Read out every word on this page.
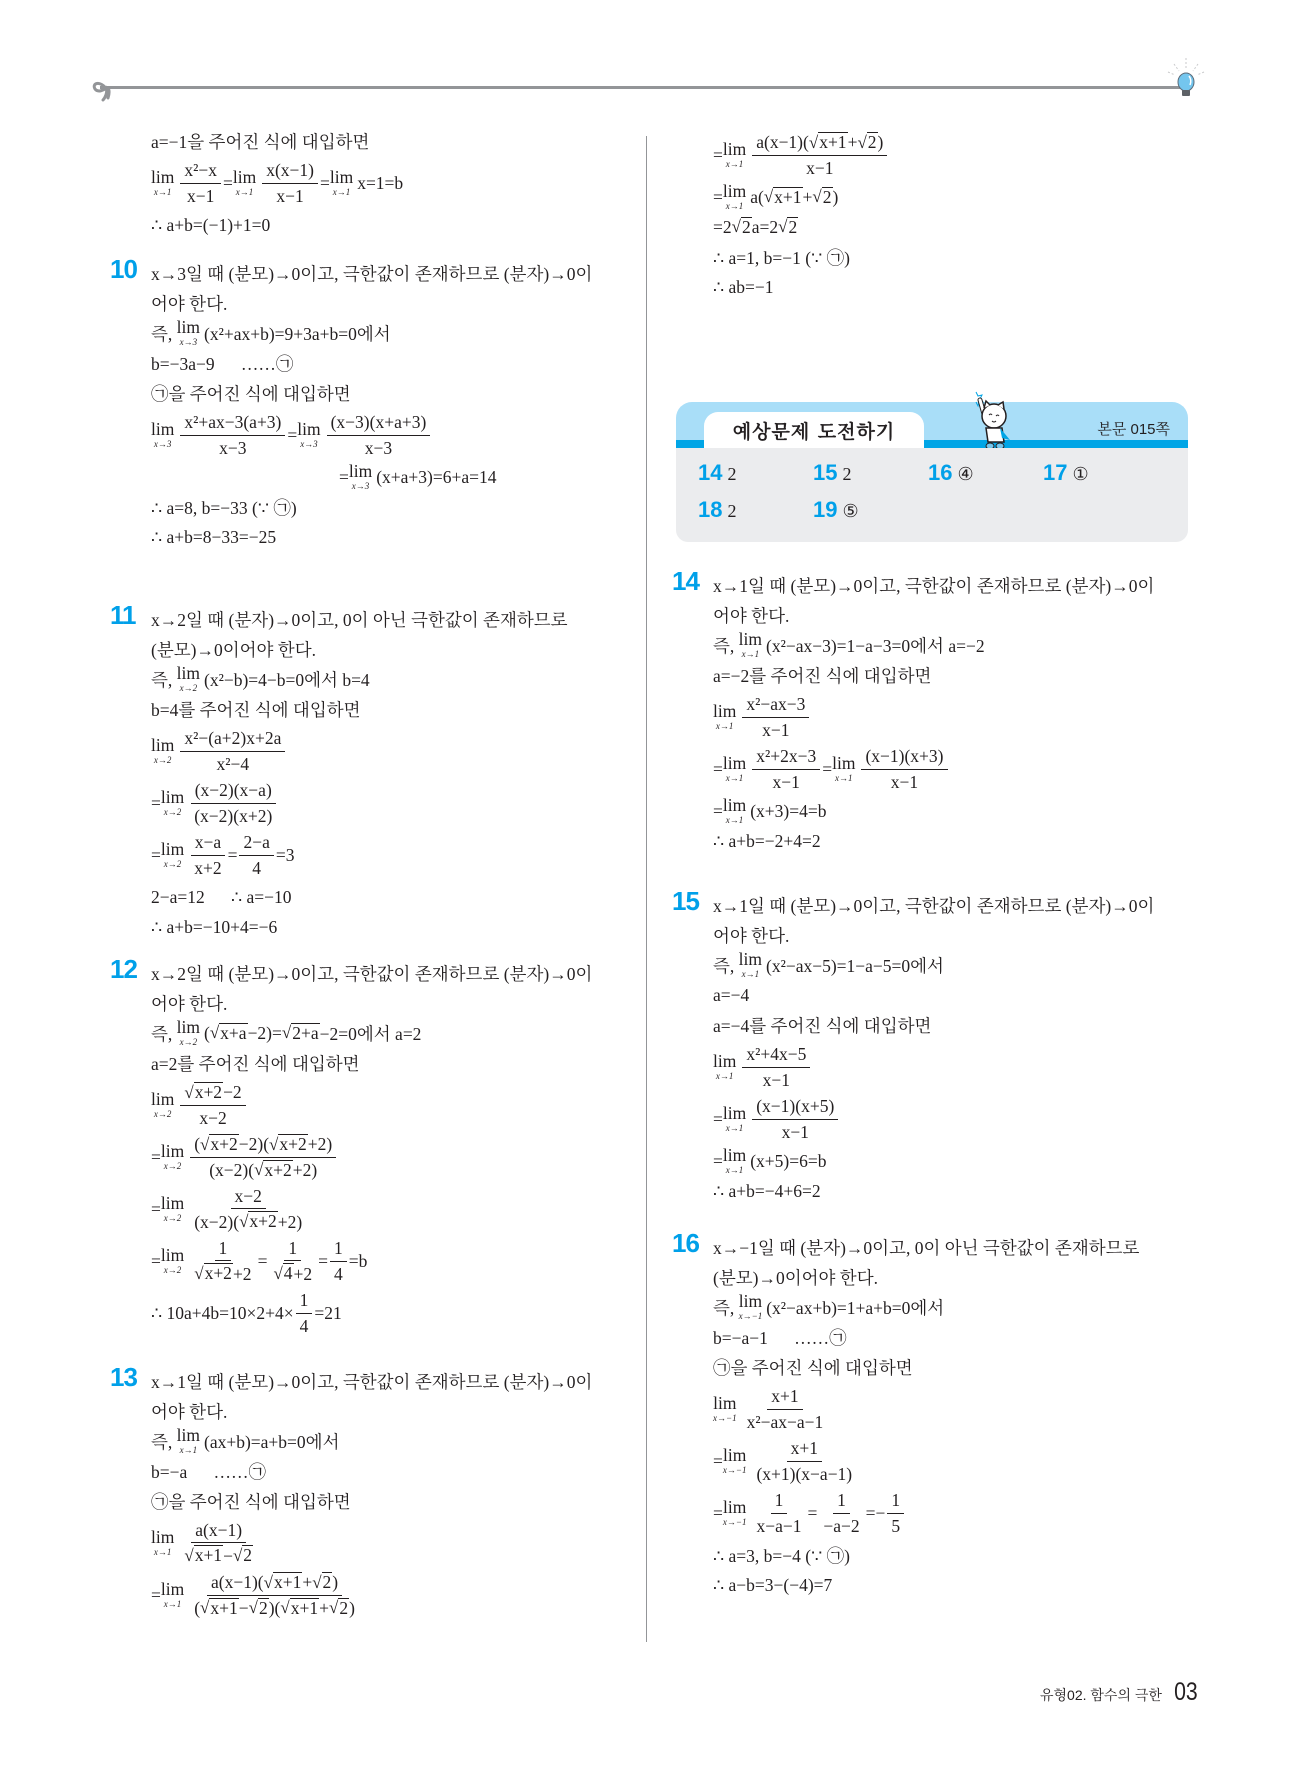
a=−1을 주어진 식에 대입하면
lim
$x\to 1 \frac{\text{x²−x}}{x-1} = \lim$
$x\to 1 \frac{x(x-1)}{x-1} = \lim$
x→1 x=1=b
∴ a+b=(−1)+1=0
10 x→3일 때 (분모)→0이고, 극한값이 존재하므로 (분자)→0이
어야 한다.
즉, lim
x→3 (x²+ax+b)=9+3a+b=0에서
b=−3a−9      ……㉠
㉠을 주어진 식에 대입하면
lim
$x\to 3 \frac{\text{x²+ax−3(a+3)}}{x-3} = \lim$
$x\to 3 \frac{(x-3)(x+a+3)}{x-3}$
= lim
x→3 (x+a+3)=6+a=14
∴ a=8, b=−33 (∵ ㉠)
∴ a+b=8−33=−25
11 x→2일 때 (분자)→0이고, 0이 아닌 극한값이 존재하므로
(분모)→0이어야 한다.
즉, lim
x→2 (x²−b)=4−b=0에서 b=4
b=4를 주어진 식에 대입하면
lim
$x\to 2 \frac{\text{x²−(a+2)x+2a}}{\text{x²−4}}$
= lim
$x\to 2 \frac{(x-2)(x-a)}{(x-2)(x+2)}$
= lim
$x\to 2 \frac{x-a}{x+2} = \frac{2-a}{4} =3$
2−a=12      ∴ a=−10
∴ a+b=−10+4=−6
12 x→2일 때 (분모)→0이고, 극한값이 존재하므로 (분자)→0이
어야 한다.
즉, lim
x→2 ( √ x+a −2)= √ 2+a −2=0에서 a=2
a=2를 주어진 식에 대입하면
lim
$x\to 2 \frac{√ x+2 -2}{x-2}$
= lim
$x\to 2 \frac{( √ x+2 -2)( √ x+2 +2)}{(x-2)( √ x+2 +2)}$
= lim
$x\to 2 \frac{x-2}{(x-2)( √ x+2 +2)}$
= lim
$x\to 2 \frac{1}{√ x+2 +2} = \frac{1}{√ 4 +2} = \frac{1}{4} =b$
∴ $10a+4b=10\times 2+4\times \frac{1}{4} =21$
13 x→1일 때 (분모)→0이고, 극한값이 존재하므로 (분자)→0이
어야 한다.
즉, lim
x→1 (ax+b)=a+b=0에서
b=−a      ……㉠
㉠을 주어진 식에 대입하면
lim
$x\to 1 \frac{a(x-1)}{√ x+1 - √ 2}$
= lim
$x\to 1 \frac{a(x-1)( √ x+1 + √ 2 )}{( √ x+1 - √ 2 )( √ x+1 + √ 2 )}$
= lim
$x\to 1 \frac{a(x-1)( √ x+1 + √ 2 )}{x-1}$
= lim
x→1 a( √ x+1 + √ 2 )
=2 √ 2 a=2 √ 2
∴ a=1, b=−1 (∵ ㉠)
∴ ab=−1
14 x→1일 때 (분모)→0이고, 극한값이 존재하므로 (분자)→0이
어야 한다.
즉, lim
x→1 (x²−ax−3)=1−a−3=0에서 a=−2
a=−2를 주어진 식에 대입하면
lim
$x\to 1 \frac{\text{x²−ax−3}}{x-1}$
= lim
$x\to 1 \frac{\text{x²+2x−3}}{x-1} = \lim$
$x\to 1 \frac{(x-1)(x+3)}{x-1}$
= lim
x→1 (x+3)=4=b
∴ a+b=−2+4=2
15 x→1일 때 (분모)→0이고, 극한값이 존재하므로 (분자)→0이
어야 한다.
즉, lim
x→1 (x²−ax−5)=1−a−5=0에서
a=−4
a=−4를 주어진 식에 대입하면
lim
$x\to 1 \frac{\text{x²+4x−5}}{x-1}$
= lim
$x\to 1 \frac{(x-1)(x+5)}{x-1}$
= lim
x→1 (x+5)=6=b
∴ a+b=−4+6=2
16 x→−1일 때 (분자)→0이고, 0이 아닌 극한값이 존재하므로
(분모)→0이어야 한다.
즉, lim
x→−1 (x²−ax+b)=1+a+b=0에서
b=−a−1      ……㉠
㉠을 주어진 식에 대입하면
lim
$x\to-1 \frac{x+1}{\text{x²−ax−a−1}}$
= lim
$x\to-1 \frac{x+1}{(x+1)(x-a-1)}$
= lim
$x\to-1 \frac{1}{x-a-1} = \frac{1}{-a-2} =- \frac{1}{5}$
∴ a=3, b=−4 (∵ ㉠)
∴ a−b=3−(−4)=7
예상문제 도전하기	본문 015쪽
14 2	15 2	16 ④	17 ①
18 2	19 ⑤
유형02. 함수의 극한 03
